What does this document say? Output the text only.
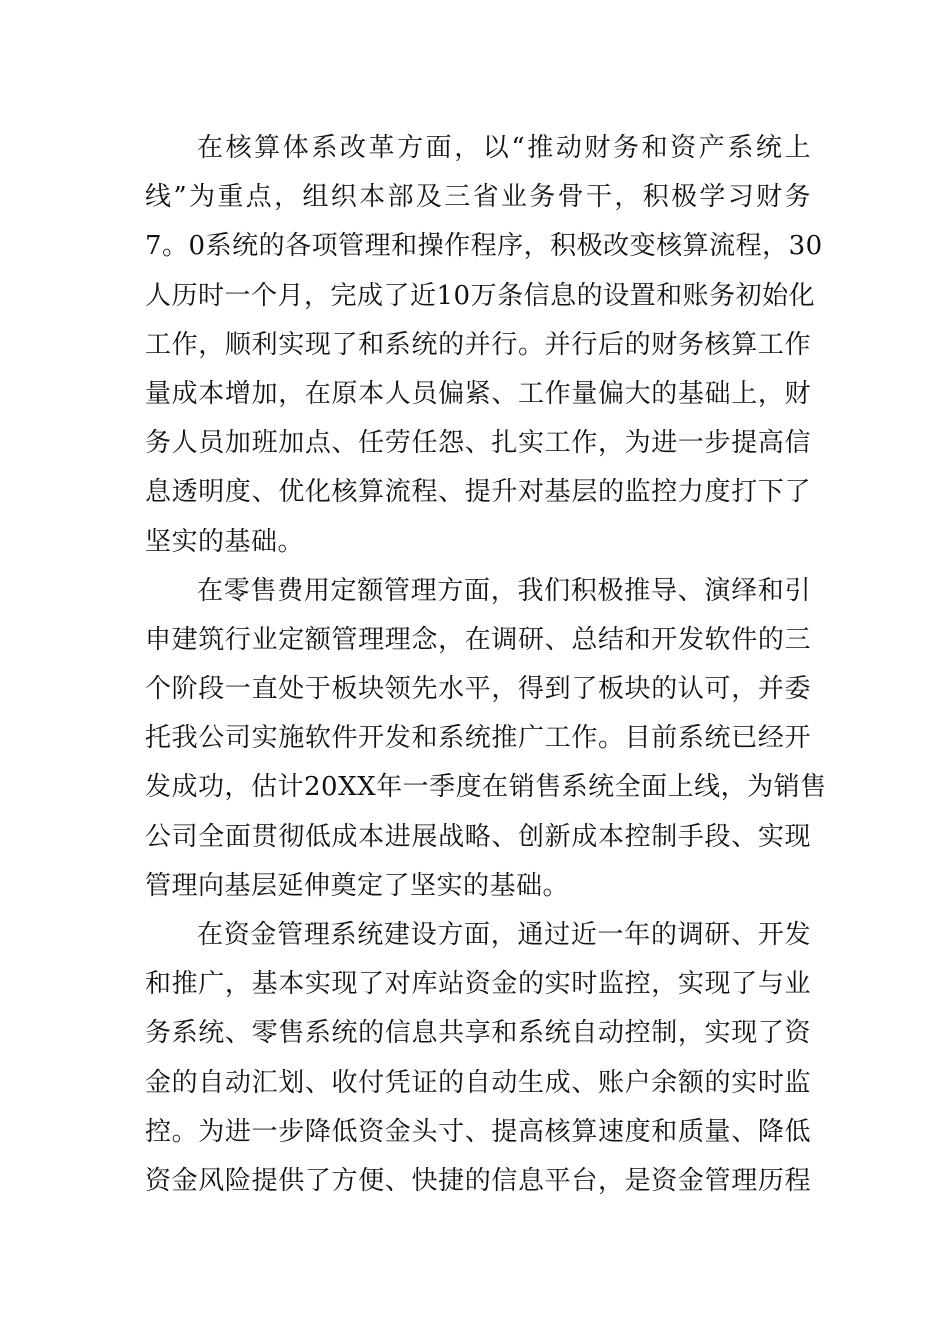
在核算体系改革方面，以“推动财务和资产系统上
线”为重点，组织本部及三省业务骨干，积极学习财务
7。0系统的各项管理和操作程序，积极改变核算流程，30
人历时一个月，完成了近10万条信息的设置和账务初始化
工作，顺利实现了和系统的并行。并行后的财务核算工作
量成本增加，在原本人员偏紧、工作量偏大的基础上，财
务人员加班加点、任劳任怨、扎实工作，为进一步提高信
息透明度、优化核算流程、提升对基层的监控力度打下了
坚实的基础。
在零售费用定额管理方面，我们积极推导、演绎和引
申建筑行业定额管理理念，在调研、总结和开发软件的三
个阶段一直处于板块领先水平，得到了板块的认可，并委
托我公司实施软件开发和系统推广工作。目前系统已经开
发成功，估计20XX年一季度在销售系统全面上线，为销售
公司全面贯彻低成本进展战略、创新成本控制手段、实现
管理向基层延伸奠定了坚实的基础。
在资金管理系统建设方面，通过近一年的调研、开发
和推广，基本实现了对库站资金的实时监控，实现了与业
务系统、零售系统的信息共享和系统自动控制，实现了资
金的自动汇划、收付凭证的自动生成、账户余额的实时监
控。为进一步降低资金头寸、提高核算速度和质量、降低
资金风险提供了方便、快捷的信息平台，是资金管理历程
